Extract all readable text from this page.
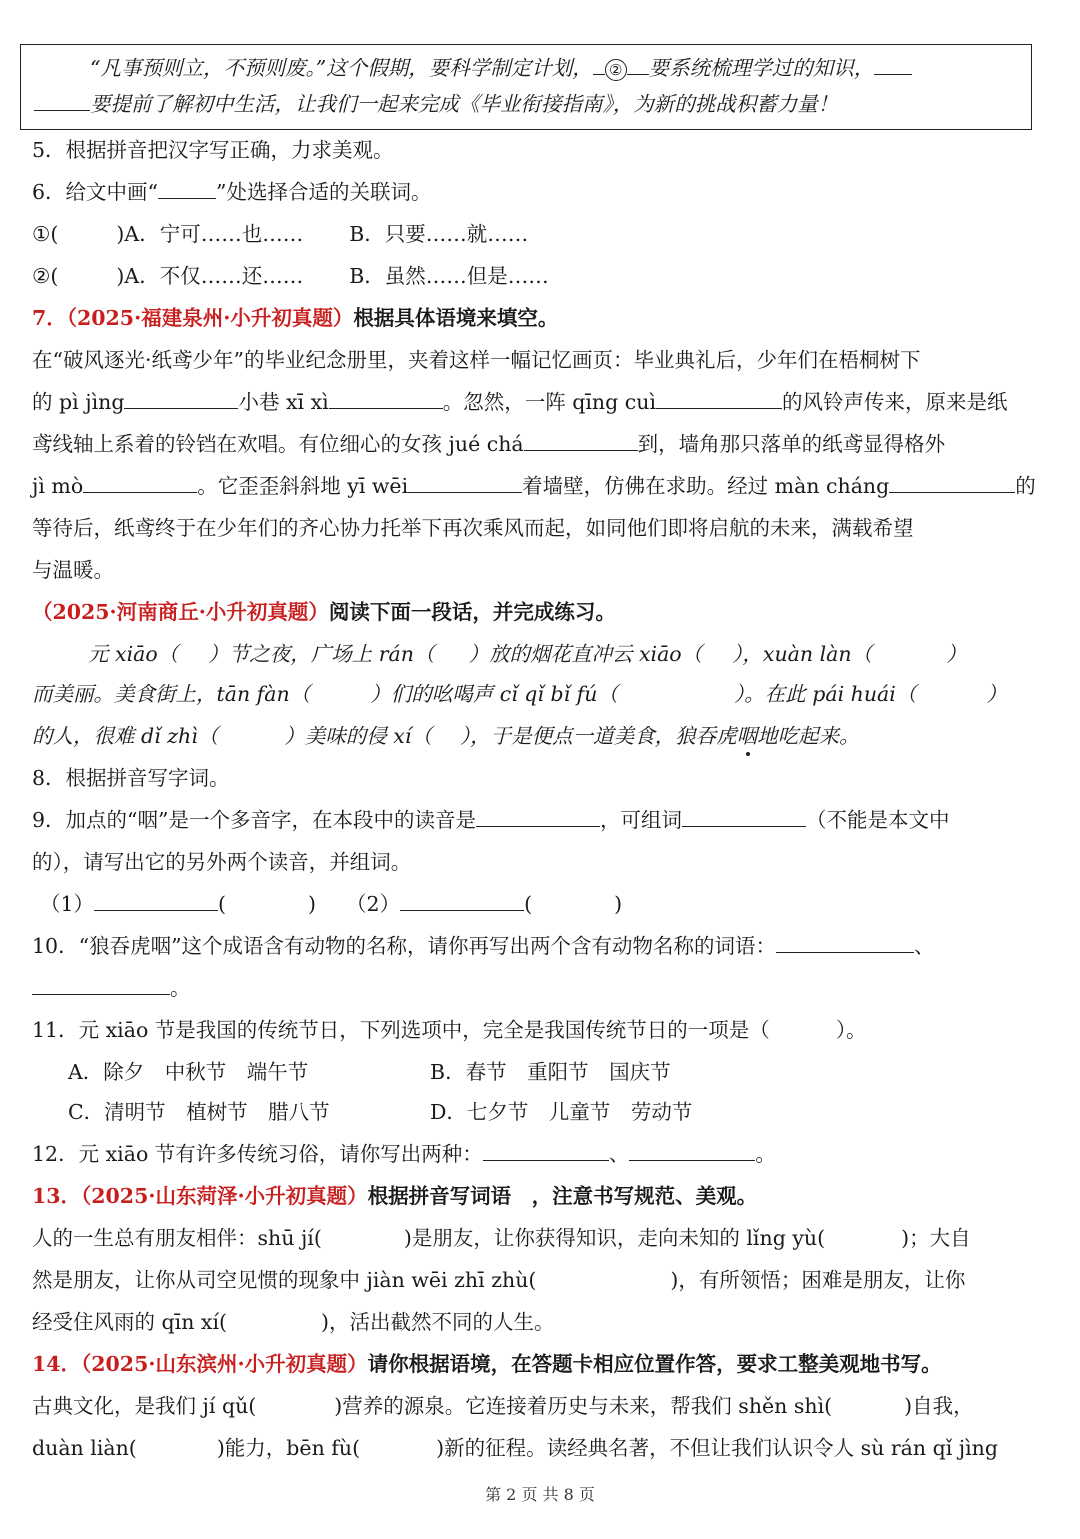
“凡事预则立，不预则废。”这个假期，要科学制定计划， ② 要系统梳理学过的知识，
要提前了解初中生活，让我们一起来完成《毕业衔接指南》，为新的挑战积蓄力量！
5．根据拼音把汉字写正确，力求美观。
6．给文中画“	”处选择合适的关联词。
①(	)A．宁可……也…… B．只要……就……
②(	)A．不仅……还…… B．虽然……但是……
7．（2025·福建泉州·小升初真题）根据具体语境来填空。
在“破风逐光·纸鸢少年”的毕业纪念册里，夹着这样一幅记忆画页：毕业典礼后，少年们在梧桐树下
的 pì jìng	小巷 xī xì	。忽然，一阵 qīng cuì	的风铃声传来，原来是纸
鸢线轴上系着的铃铛在欢唱。有位细心的女孩 jué chá	到，墙角那只落单的纸鸢显得格外
jì mò	。它歪歪斜斜地 yī wēi	着墙壁，仿佛在求助。经过 màn cháng	的
等待后，纸鸢终于在少年们的齐心协力托举下再次乘风而起，如同他们即将启航的未来，满载希望
与温暖。
（2025·河南商丘·小升初真题）阅读下面一段话，并完成练习。
元 xiāo（ ）节之夜，广场上 rán（ ）放的烟花直冲云 xiāo（ ），xuàn làn（	）
而美丽。美食街上，tān fàn（	）们的吆喝声 cǐ qǐ bǐ fú（	）。在此 pái huái（	）
的人，很难 dǐ zhì（	）美味的侵 xí（ ），于是便点一道美食，狼吞虎咽地吃起来。
8．根据拼音写字词。
9．加点的“咽”是一个多音字，在本段中的读音是	，可组词	（不能是本文中
的），请写出它的另外两个读音，并组词。
（1）	(	) （2）	(	)
10．“狼吞虎咽”这个成语含有动物的名称，请你再写出两个含有动物名称的词语：	、
。
11．元 xiāo 节是我国的传统节日，下列选项中，完全是我国传统节日的一项是（	）。
A．除夕　中秋节　端午节	B．春节　重阳节　国庆节
C．清明节　植树节　腊八节	D．七夕节　儿童节　劳动节
12．元 xiāo 节有许多传统习俗，请你写出两种：	、	。
13．（2025·山东菏泽·小升初真题）根据拼音写词语　，注意书写规范、美观。
人的一生总有朋友相伴：shū jí(	)是朋友，让你获得知识，走向未知的 lǐng yù(	)；大自
然是朋友，让你从司空见惯的现象中 jiàn wēi zhī zhù(	)，有所领悟；困难是朋友，让你
经受住风雨的 qīn xí(	)，活出截然不同的人生。
14．（2025·山东滨州·小升初真题）请你根据语境，在答题卡相应位置作答，要求工整美观地书写。
古典文化，是我们 jí qǔ(	)营养的源泉。它连接着历史与未来，帮我们 shěn shì(	)自我，
duàn liàn(	)能力，bēn fù(	)新的征程。读经典名著，不但让我们认识令人 sù rán qǐ jìng
第 2 页 共 8 页
